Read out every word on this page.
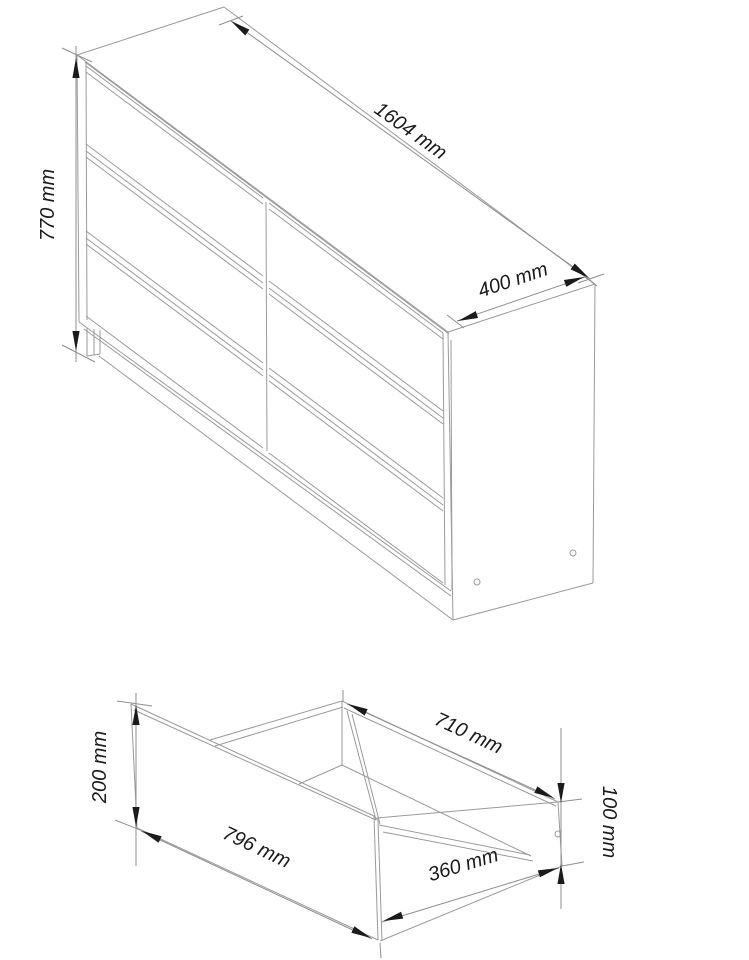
770 mm
1604 mm
400 mm
200 mm	710 mm
796 mm	360 mm
100 mm
